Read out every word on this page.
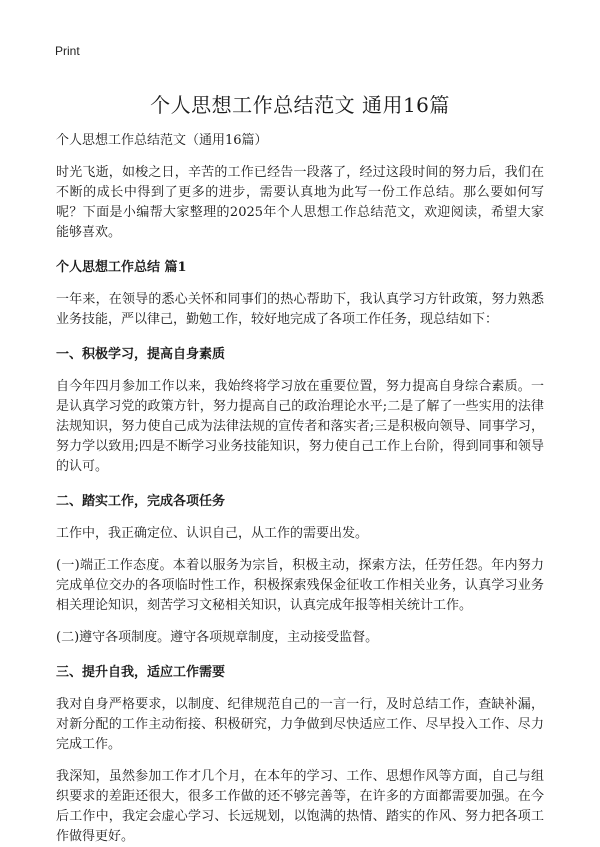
Print
个人思想工作总结范文 通用16篇
个人思想工作总结范文（通用16篇）

时光飞逝，如梭之日，辛苦的工作已经告一段落了，经过这段时间的努力后，我们在不断的成长中得到了更多的进步，需要认真地为此写一份工作总结。那么要如何写呢？下面是小编帮大家整理的2025年个人思想工作总结范文，欢迎阅读，希望大家能够喜欢。

个人思想工作总结 篇1

一年来，在领导的悉心关怀和同事们的热心帮助下，我认真学习方针政策，努力熟悉业务技能，严以律己，勤勉工作，较好地完成了各项工作任务，现总结如下：

一、积极学习，提高自身素质

自今年四月参加工作以来，我始终将学习放在重要位置，努力提高自身综合素质。一是认真学习党的政策方针，努力提高自己的政治理论水平;二是了解了一些实用的法律法规知识，努力使自己成为法律法规的宣传者和落实者;三是积极向领导、同事学习，努力学以致用;四是不断学习业务技能知识，努力使自己工作上台阶，得到同事和领导的认可。

二、踏实工作，完成各项任务

工作中，我正确定位、认识自己，从工作的需要出发。

(一)端正工作态度。本着以服务为宗旨，积极主动，探索方法，任劳任怨。年内努力完成单位交办的各项临时性工作，积极探索残保金征收工作相关业务，认真学习业务相关理论知识，刻苦学习文秘相关知识，认真完成年报等相关统计工作。

(二)遵守各项制度。遵守各项规章制度，主动接受监督。

三、提升自我，适应工作需要

我对自身严格要求，以制度、纪律规范自己的一言一行，及时总结工作，查缺补漏，对新分配的工作主动衔接、积极研究，力争做到尽快适应工作、尽早投入工作、尽力完成工作。

我深知，虽然参加工作才几个月，在本年的学习、工作、思想作风等方面，自己与组织要求的差距还很大，很多工作做的还不够完善等，在许多的方面都需要加强。在今后工作中，我定会虚心学习、长远规划，以饱满的热情、踏实的作风、努力把各项工作做得更好。
